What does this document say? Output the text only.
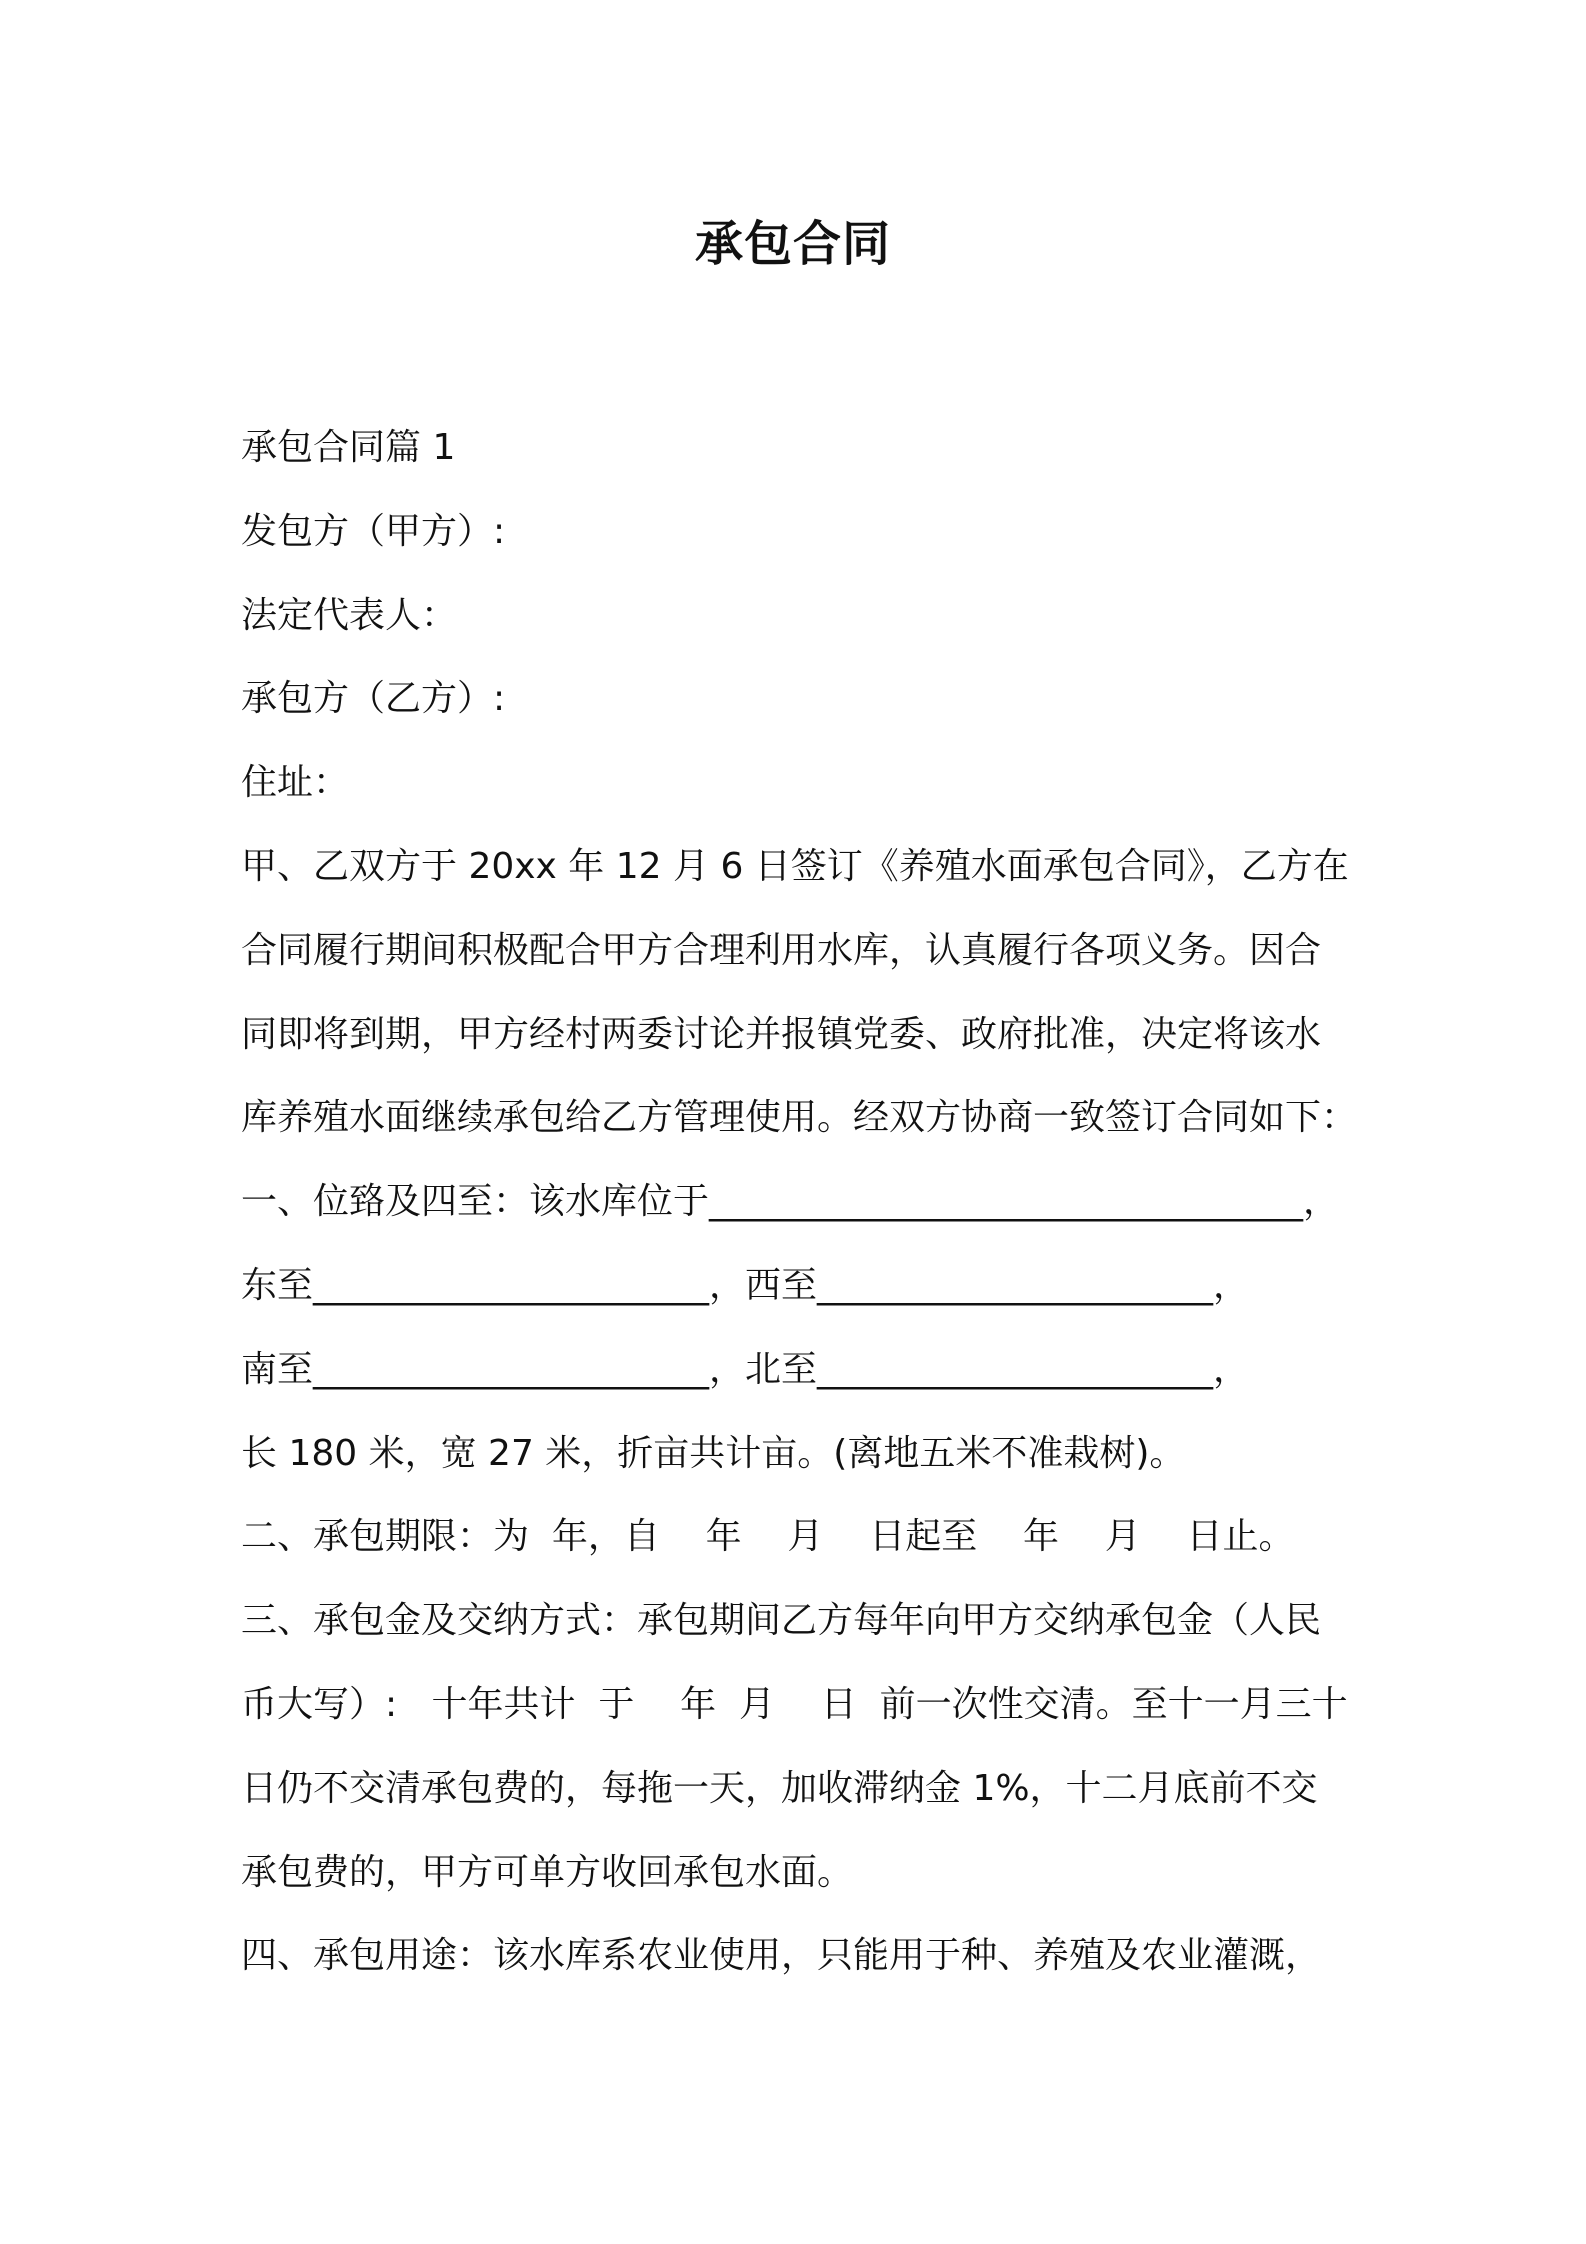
承包合同
承包合同篇 1
发包方（甲方）:
法定代表人：
承包方（乙方）:
住址：
甲、乙双方于 20xx 年 12 月 6 日签订《养殖水面承包合同》，乙方在
合同履行期间积极配合甲方合理利用水库，认真履行各项义务。因合
同即将到期，甲方经村两委讨论并报镇党委、政府批准，决定将该水
库养殖水面继续承包给乙方管理使用。经双方协商一致签订合同如下：
一、位臵及四至：该水库位于_________________________________，
东至______________________，西至______________________，
南至______________________，北至______________________，
长 180 米，宽 27 米，折亩共计亩。(离地五米不准栽树)。
二、承包期限：为  年，自    年    月    日起至    年    月    日止。
三、承包金及交纳方式：承包期间乙方每年向甲方交纳承包金（人民
币大写）:   十年共计  于    年  月    日  前一次性交清。至十一月三十
日仍不交清承包费的，每拖一天，加收滞纳金 1%，十二月底前不交
承包费的，甲方可单方收回承包水面。
四、承包用途：该水库系农业使用，只能用于种、养殖及农业灌溉，
